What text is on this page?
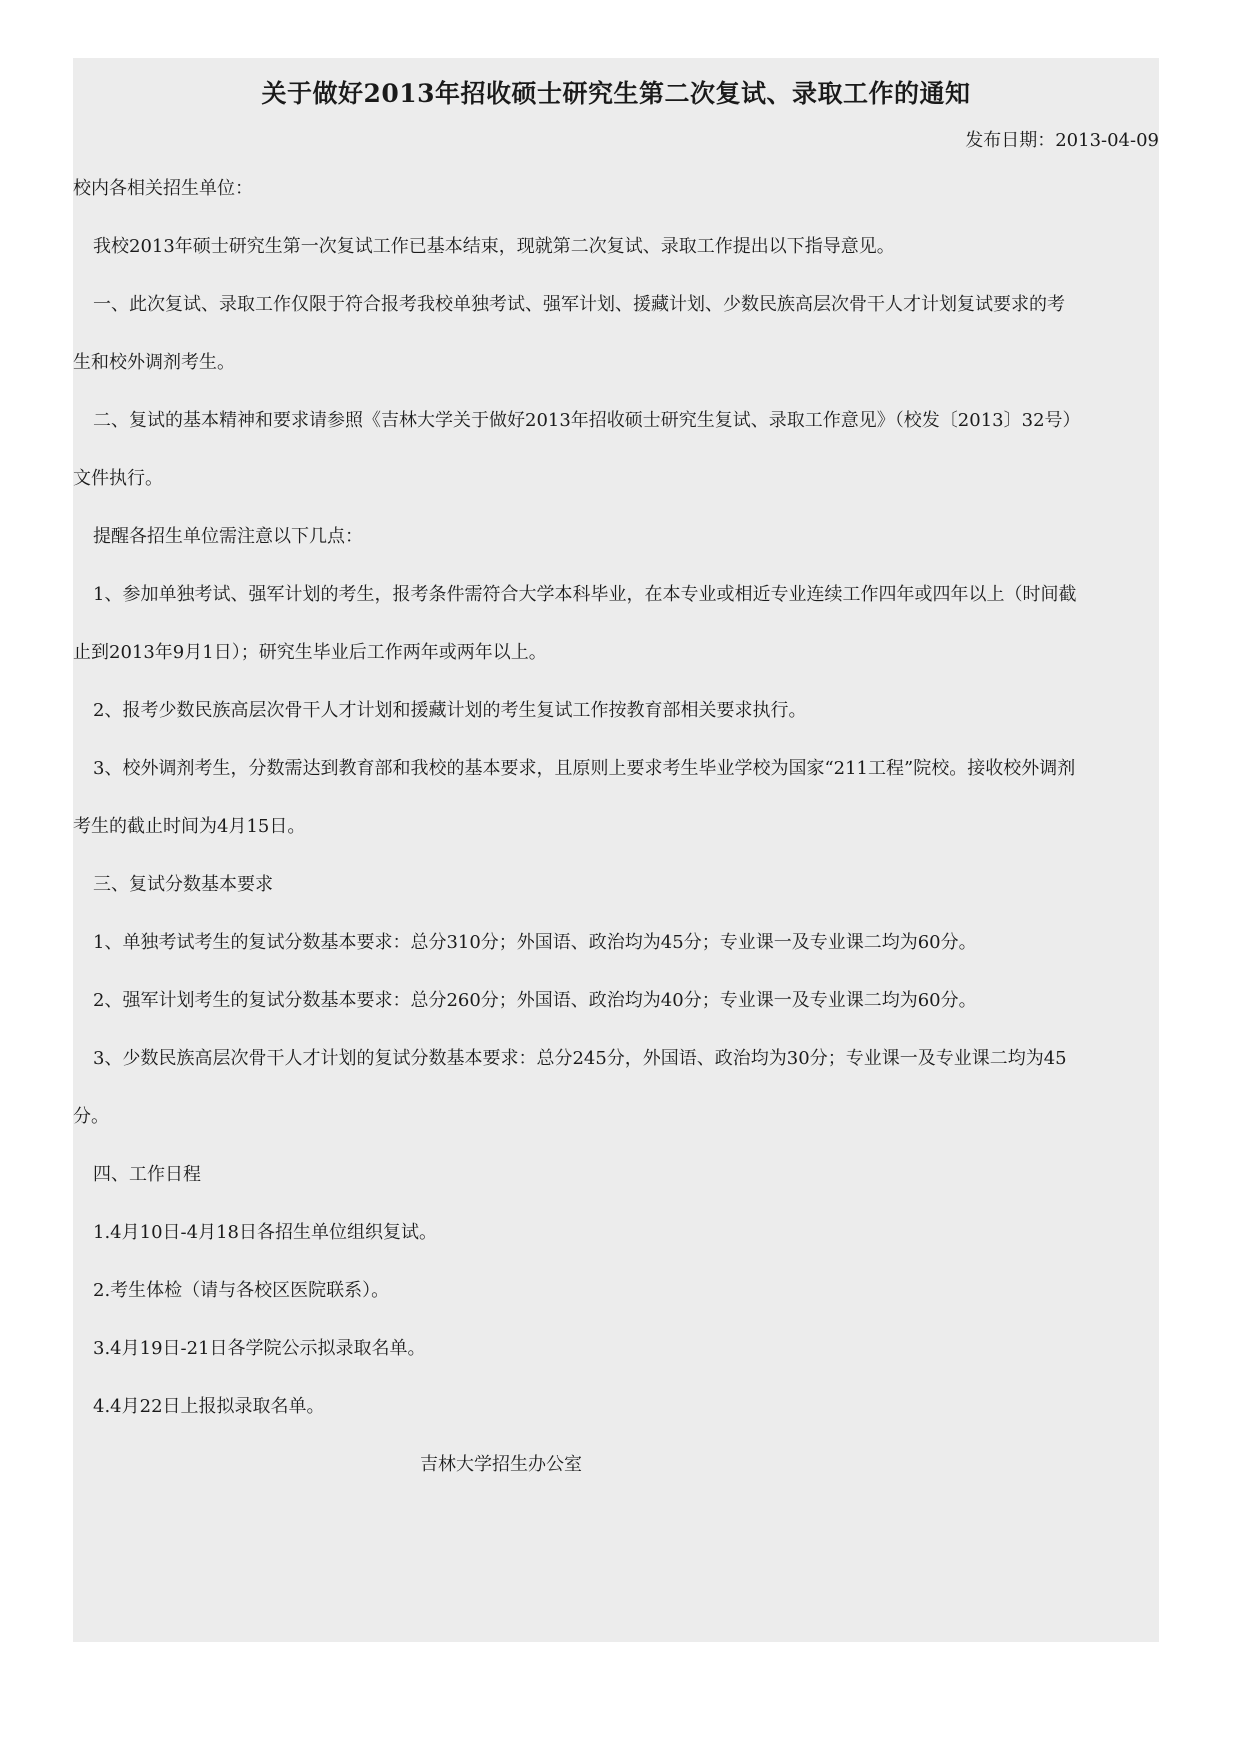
关于做好2013年招收硕士研究生第二次复试、录取工作的通知
发布日期：2013-04-09
校内各相关招生单位：
我校2013年硕士研究生第一次复试工作已基本结束，现就第二次复试、录取工作提出以下指导意见。
一、此次复试、录取工作仅限于符合报考我校单独考试、强军计划、援藏计划、少数民族高层次骨干人才计划复试要求的考
生和校外调剂考生。
二、复试的基本精神和要求请参照《吉林大学关于做好2013年招收硕士研究生复试、录取工作意见》（校发〔2013〕32号）
文件执行。
提醒各招生单位需注意以下几点：
1、参加单独考试、强军计划的考生，报考条件需符合大学本科毕业，在本专业或相近专业连续工作四年或四年以上（时间截
止到2013年9月1日）；研究生毕业后工作两年或两年以上。
2、报考少数民族高层次骨干人才计划和援藏计划的考生复试工作按教育部相关要求执行。
3、校外调剂考生，分数需达到教育部和我校的基本要求，且原则上要求考生毕业学校为国家“211工程”院校。接收校外调剂
考生的截止时间为4月15日。
三、复试分数基本要求
1、单独考试考生的复试分数基本要求：总分310分；外国语、政治均为45分；专业课一及专业课二均为60分。
2、强军计划考生的复试分数基本要求：总分260分；外国语、政治均为40分；专业课一及专业课二均为60分。
3、少数民族高层次骨干人才计划的复试分数基本要求：总分245分，外国语、政治均为30分；专业课一及专业课二均为45
分。
四、工作日程
1.4月10日-4月18日各招生单位组织复试。
2.考生体检（请与各校区医院联系）。
3.4月19日-21日各学院公示拟录取名单。
4.4月22日上报拟录取名单。
吉林大学招生办公室
